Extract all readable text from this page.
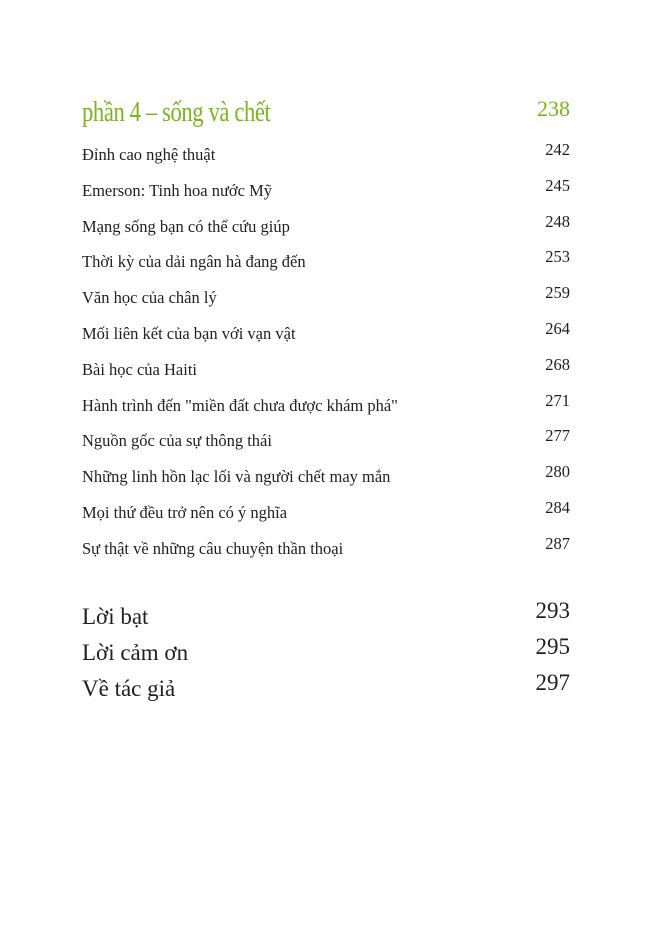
phần 4 – sống và chết	238
Đỉnh cao nghệ thuật	242
Emerson: Tinh hoa nước Mỹ	245
Mạng sống bạn có thể cứu giúp	248
Thời kỳ của dải ngân hà đang đến	253
Văn học của chân lý	259
Mối liên kết của bạn với vạn vật	264
Bài học của Haiti	268
Hành trình đến "miền đất chưa được khám phá"	271
Nguồn gốc của sự thông thái	277
Những linh hồn lạc lối và người chết may mắn	280
Mọi thứ đều trở nên có ý nghĩa	284
Sự thật về những câu chuyện thần thoại	287
Lời bạt	293
Lời cảm ơn	295
Về tác giả	297
